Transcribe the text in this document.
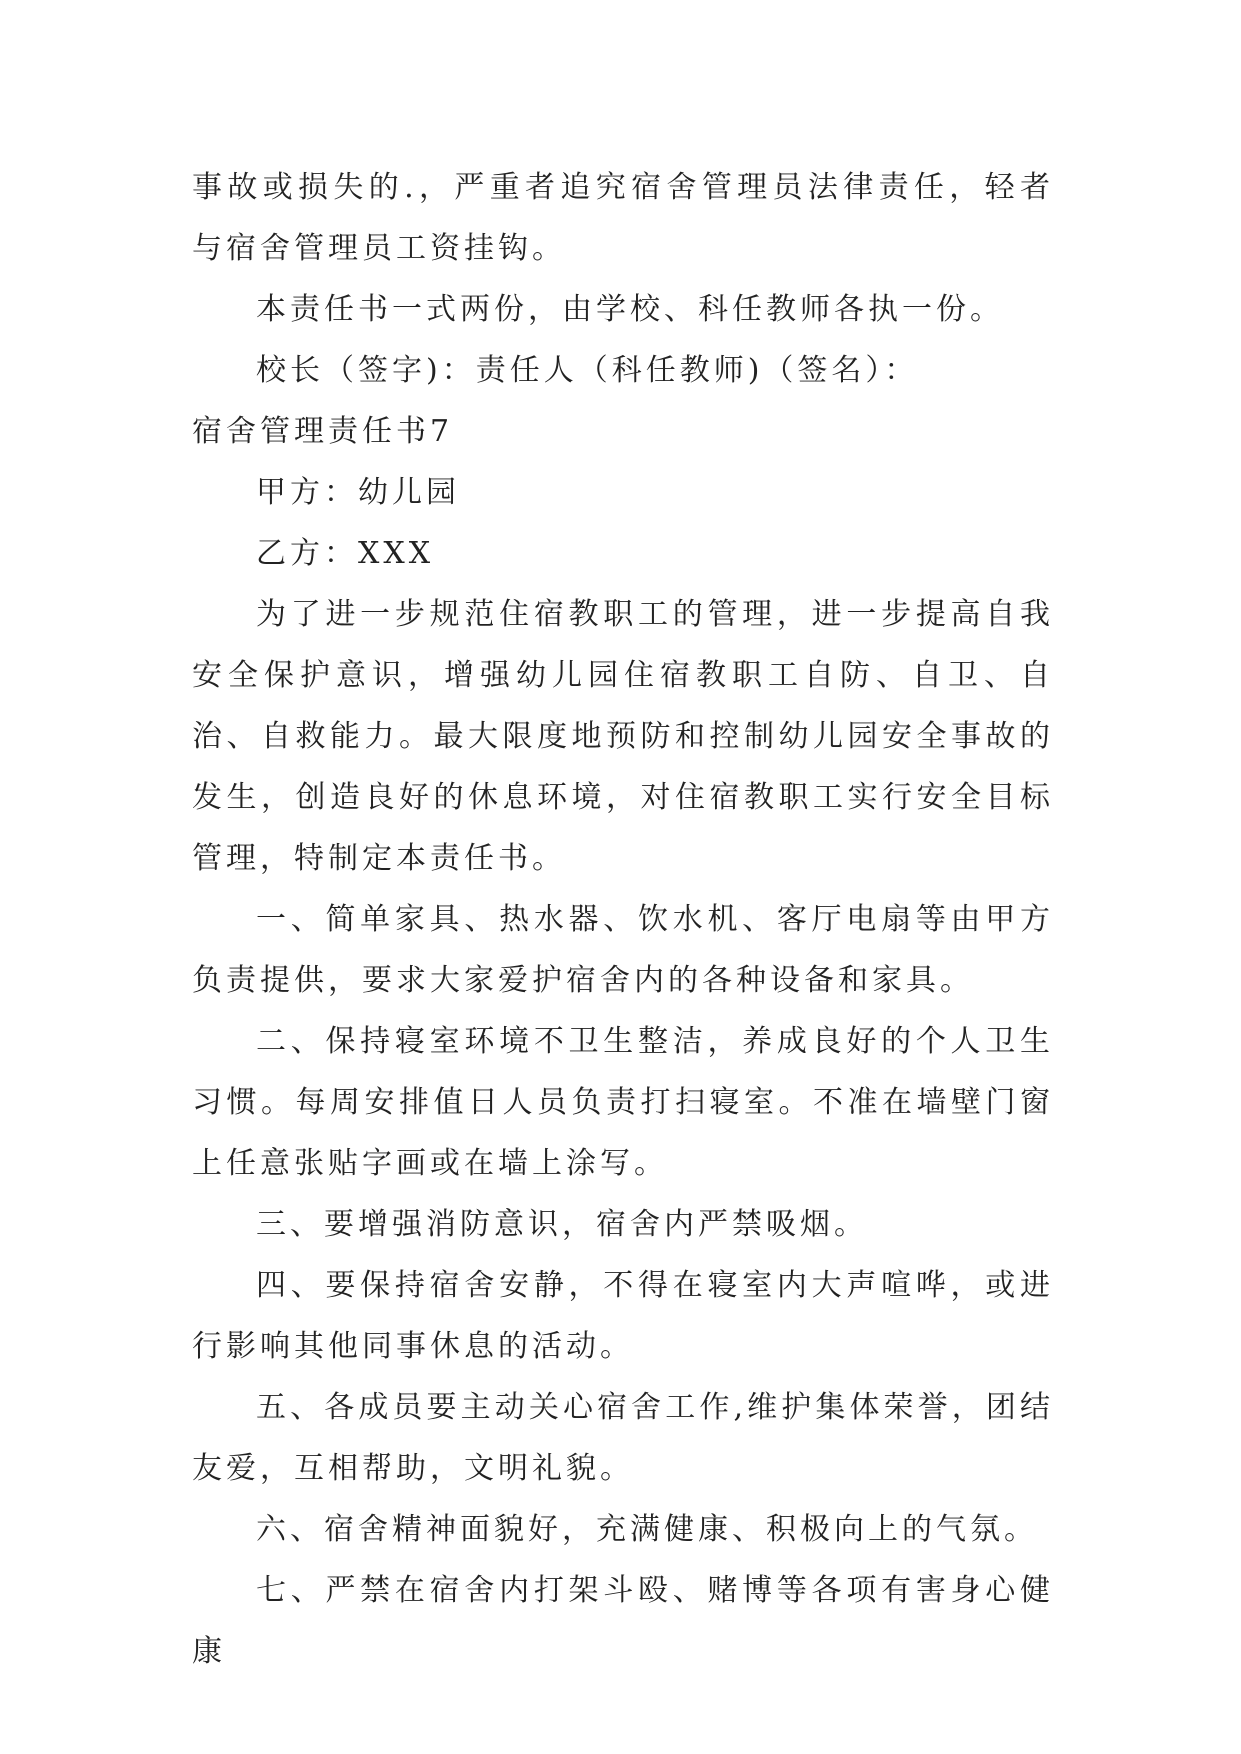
事故或损失的.，严重者追究宿舍管理员法律责任，轻者与宿舍管理员工资挂钩。

本责任书一式两份，由学校、科任教师各执一份。

校长（签字)：责任人（科任教师)（签名）：

宿舍管理责任书7

甲方：幼儿园

乙方：XXX

为了进一步规范住宿教职工的管理，进一步提高自我安全保护意识，增强幼儿园住宿教职工自防、自卫、自治、自救能力。最大限度地预防和控制幼儿园安全事故的发生，创造良好的休息环境，对住宿教职工实行安全目标管理，特制定本责任书。

一、简单家具、热水器、饮水机、客厅电扇等由甲方负责提供，要求大家爱护宿舍内的各种设备和家具。

二、保持寝室环境不卫生整洁，养成良好的个人卫生习惯。每周安排值日人员负责打扫寝室。不准在墙壁门窗上任意张贴字画或在墙上涂写。

三、要增强消防意识，宿舍内严禁吸烟。

四、要保持宿舍安静，不得在寝室内大声喧哗，或进行影响其他同事休息的活动。

五、各成员要主动关心宿舍工作,维护集体荣誉，团结友爱，互相帮助，文明礼貌。

六、宿舍精神面貌好，充满健康、积极向上的气氛。

七、严禁在宿舍内打架斗殴、赌博等各项有害身心健康
